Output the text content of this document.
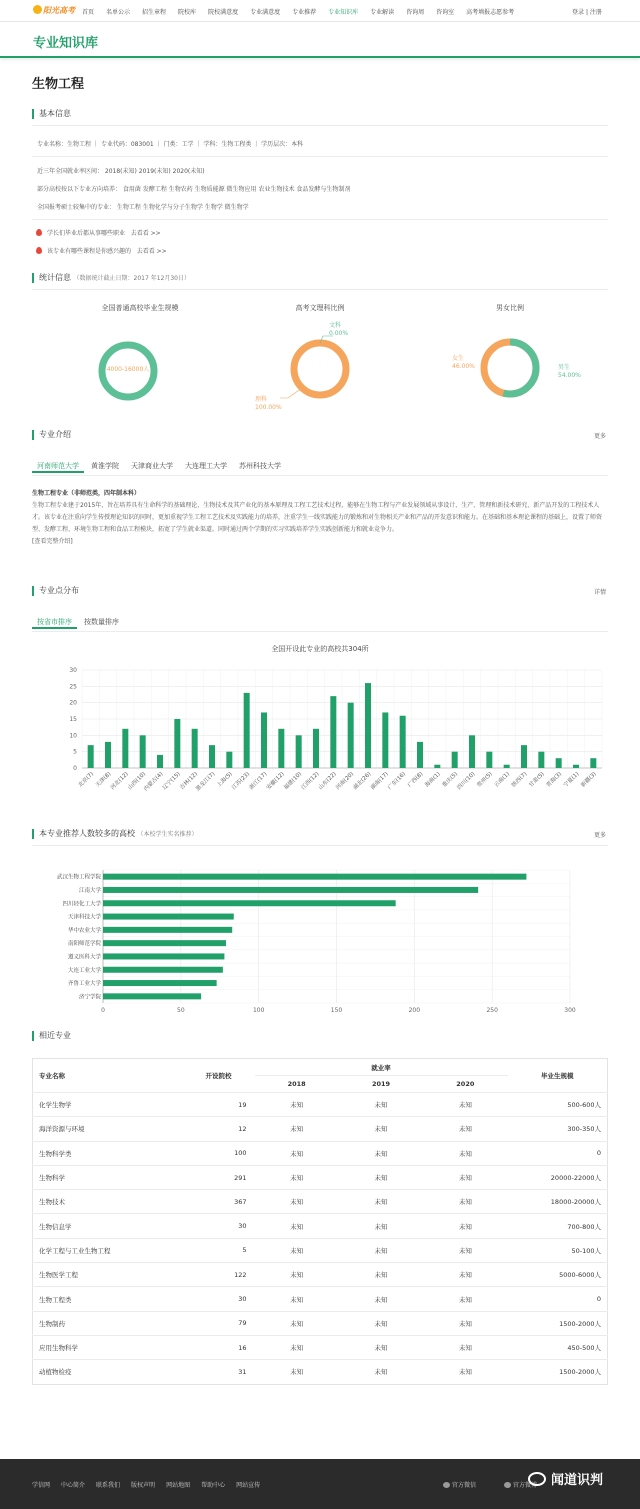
阳光高考 首页 名单公示 招生章程 院校库 院校满意度 专业满意度 专业推荐 专业知识库 专业解读 咨询周 咨询室 高考填报志愿参考	登录 | 注册
专业知识库
生物工程
基本信息
专业名称：生物工程 ｜ 专业代码：083001 ｜ 门类：工学 ｜ 学科：生物工程类 ｜ 学历层次：本科
近三年全国就业率区间： 2018(未知) 2019(未知) 2020(未知)
部分高校按以下专业方向培养： 食用菌 发酵工程 生物农药 生物质能源 微生物应用 农业生物技术 食品发酵与生物制剂
全国报考硕士较集中的专业： 生物工程 生物化学与分子生物学 生物学 微生物学
学长们毕业后都从事哪些职业 去看看 >>
该专业有哪些课程是你感兴趣的 去看看 >>
统计信息 （数据统计截止日期：2017 年12月30日）
全国普通高校毕业生规模
4000-16000人
高考文理科比例
文科
0.00%
理科
100.00%
男女比例
女生
46.00%	男生
54.00%
专业介绍	更多
河南师范大学	黄淮学院	天津商业大学	大连理工大学	苏州科技大学
生物工程专业（非师范类，四年制本科）
生物工程专业建于2015年，旨在培养具有生命科学的基础理论、生物技术及其产业化的基本原理及工程工艺技术过程，能够在生物工程与产业发展领域从事设计、生产、管理和新技术研究、新产品开发的工程技术人才。该专业在注重向学生传授理论知识的同时，更加重视学生工程工艺技术及实践能力的培养，注重学生一线实践能力的锻炼和对生物相关产业和产品的开发意识和能力。在基础和基本理论课程的基础上，设置了师资型、发酵工程、环境生物工程和食品工程模块，拓宽了学生就业渠道。同时通过两个学期的实习实践培养学生实践创新能力和就业竞争力。
[查看完整介绍]
专业点分布	详情
按省市排序	按数量排序
全国开设此专业的高校共304所
0
5
10
15
20
25
30
北京(7) 天津(8)
河北(12)
山西(10)
内蒙古(4)
辽宁(15)
吉林(12)
黑龙江(7) 上海(5)
江苏(23)
浙江(17)
安徽(12)
福建(10)
江西(12)
山东(22)
河南(20)
湖北(26)
湖南(17)
广东(16) 广西(8) 海南(1) 重庆(5)
四川(10) 贵州(5) 云南(1) 陕西(7) 甘肃(5) 青海(3) 宁夏(1) 新疆(3)
本专业推荐人数较多的高校 （本校学生实名推荐）	更多
0	50	100	150	200	250	300
武汉生物工程学院
江南大学
四川轻化工大学
天津科技大学
华中农业大学
南阳师范学院
遵义医科大学
大连工业大学
齐鲁工业大学
济宁学院
相近专业
专业名称	开设院校	就业率			毕业生规模
		2018	2019	2020	
化学生物学	19	未知	未知	未知	500-600人
海洋资源与环境	12	未知	未知	未知	300-350人
生物科学类	100	未知	未知	未知	0
生物科学	291	未知	未知	未知	20000-22000人
生物技术	367	未知	未知	未知	18000-20000人
生物信息学	30	未知	未知	未知	700-800人
化学工程与工业生物工程	5	未知	未知	未知	50-100人
生物医学工程	122	未知	未知	未知	5000-6000人
生物工程类	30	未知	未知	未知	0
生物制药	79	未知	未知	未知	1500-2000人
应用生物科学	16	未知	未知	未知	450-500人
动植物检疫	31	未知	未知	未知	1500-2000人
学信网 中心简介 联系我们 版权声明 网站地图 帮助中心 网站宣传	官方微信	官方微博	闻道识判
